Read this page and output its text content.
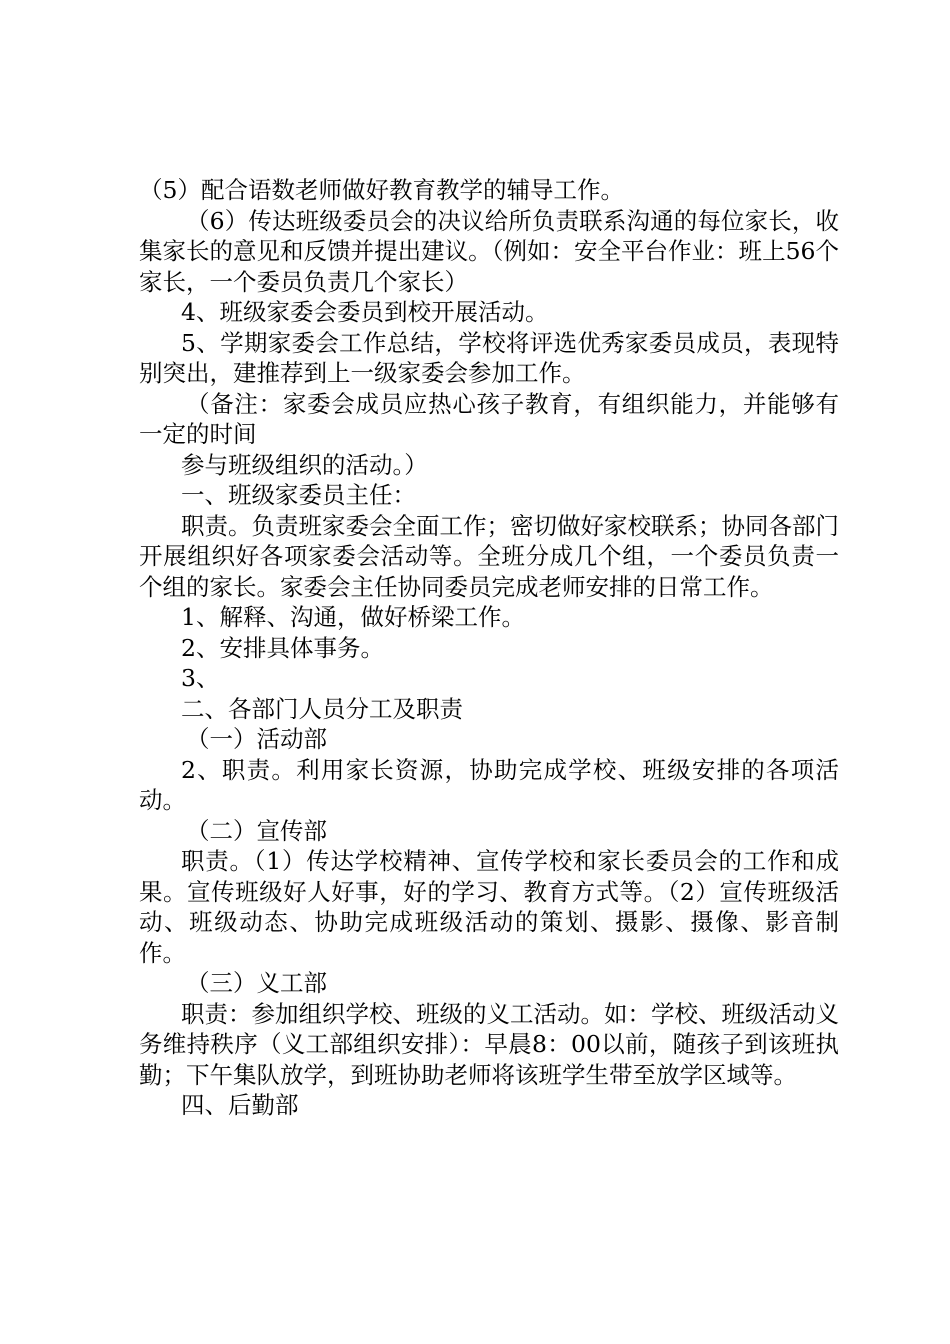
（5）配合语数老师做好教育教学的辅导工作。

（6）传达班级委员会的决议给所负责联系沟通的每位家长，收集家长的意见和反馈并提出建议。（例如：安全平台作业：班上56个家长，一个委员负责几个家长）

4、班级家委会委员到校开展活动。

5、学期家委会工作总结，学校将评选优秀家委员成员，表现特别突出，建推荐到上一级家委会参加工作。

（备注：家委会成员应热心孩子教育，有组织能力，并能够有一定的时间

参与班级组织的活动。）

一、班级家委员主任：

职责。负责班家委会全面工作；密切做好家校联系；协同各部门开展组织好各项家委会活动等。全班分成几个组，一个委员负责一个组的家长。家委会主任协同委员完成老师安排的日常工作。

1、解释、沟通，做好桥梁工作。

2、安排具体事务。

3、

二、各部门人员分工及职责

（一）活动部

2、职责。利用家长资源，协助完成学校、班级安排的各项活动。

（二）宣传部

职责。（1）传达学校精神、宣传学校和家长委员会的工作和成果。宣传班级好人好事，好的学习、教育方式等。（2）宣传班级活动、班级动态、协助完成班级活动的策划、摄影、摄像、影音制作。

（三）义工部

职责：参加组织学校、班级的义工活动。如：学校、班级活动义务维持秩序（义工部组织安排）：早晨8：00以前，随孩子到该班执勤；下午集队放学，到班协助老师将该班学生带至放学区域等。

四、后勤部
